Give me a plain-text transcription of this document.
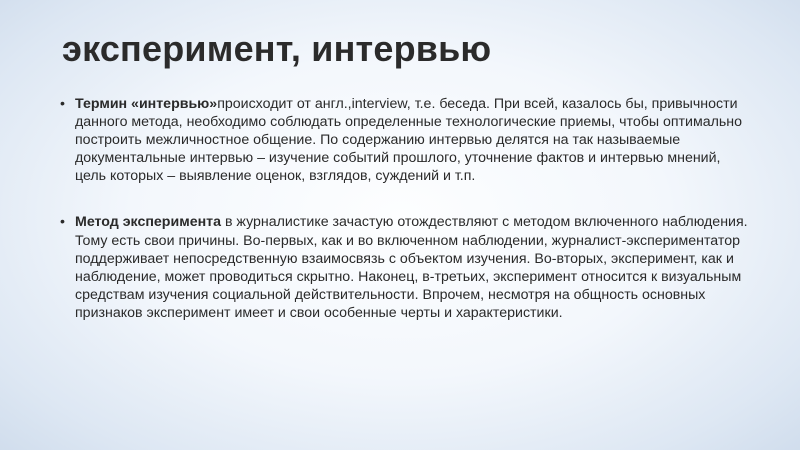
эксперимент, интервью
• Термин «интервью»происходит от англ.,interview, т.е. беседа. При всей, казалось бы, привычности данного метода, необходимо соблюдать определенные технологические приемы, чтобы оптимально построить межличностное общение. По содержанию интервью делятся на так называемые документальные интервью – изучение событий прошлого, уточнение фактов и интервью мнений, цель которых – выявление оценок, взглядов, суждений и т.п.
• Метод эксперимента в журналистике зачастую отождествляют с методом включенного наблюдения. Тому есть свои причины. Во-первых, как и во включенном наблюдении, журналист-экспериментатор поддерживает непосредственную взаимосвязь с объектом изучения. Во-вторых, эксперимент, как и наблюдение, может проводиться скрытно. Наконец, в-третьих, эксперимент относится к визуальным средствам изучения социальной действительности. Впрочем, несмотря на общность основных признаков эксперимент имеет и свои особенные черты и характеристики.
